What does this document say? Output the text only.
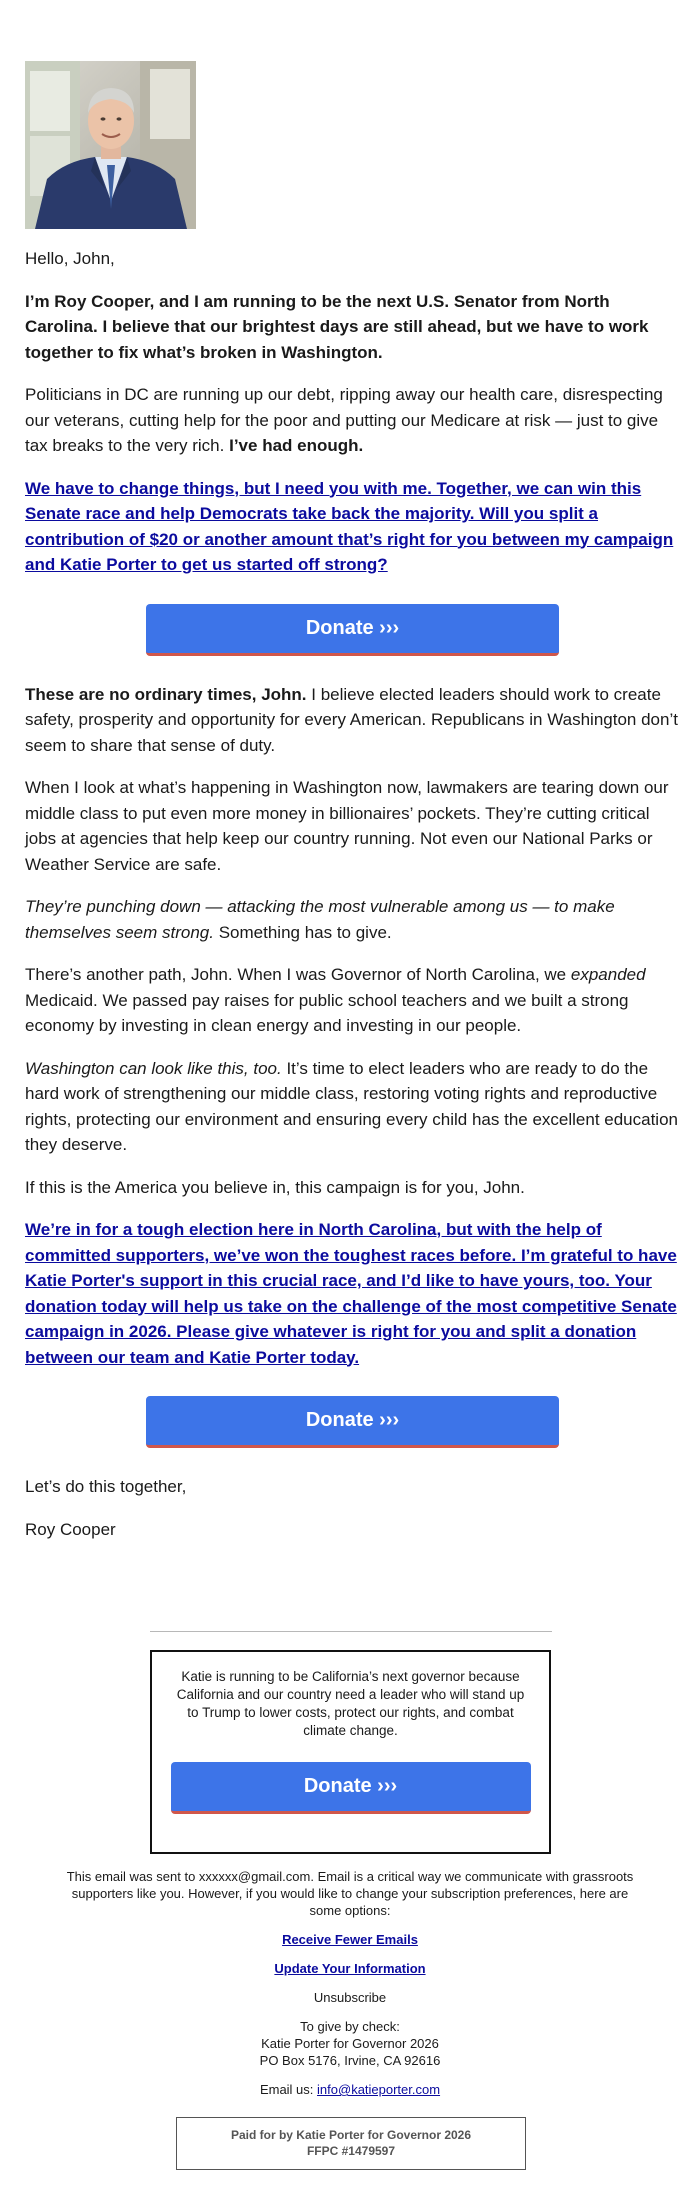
Hello, John,

I’m Roy Cooper, and I am running to be the next U.S. Senator from North Carolina. I believe that our brightest days are still ahead, but we have to work together to fix what’s broken in Washington.

Politicians in DC are running up our debt, ripping away our health care, disrespecting our veterans, cutting help for the poor and putting our Medicare at risk — just to give tax breaks to the very rich. I’ve had enough.

We have to change things, but I need you with me. Together, we can win this Senate race and help Democrats take back the majority. Will you split a contribution of $20 or another amount that’s right for you between my campaign and Katie Porter to get us started off strong?

Donate ›››

These are no ordinary times, John. I believe elected leaders should work to create safety, prosperity and opportunity for every American. Republicans in Washington don’t seem to share that sense of duty.

When I look at what’s happening in Washington now, lawmakers are tearing down our middle class to put even more money in billionaires’ pockets. They’re cutting critical jobs at agencies that help keep our country running. Not even our National Parks or Weather Service are safe.

They’re punching down — attacking the most vulnerable among us — to make themselves seem strong. Something has to give.

There’s another path, John. When I was Governor of North Carolina, we expanded Medicaid. We passed pay raises for public school teachers and we built a strong economy by investing in clean energy and investing in our people.

Washington can look like this, too. It’s time to elect leaders who are ready to do the hard work of strengthening our middle class, restoring voting rights and reproductive rights, protecting our environment and ensuring every child has the excellent education they deserve.

If this is the America you believe in, this campaign is for you, John.

We’re in for a tough election here in North Carolina, but with the help of committed supporters, we’ve won the toughest races before. I’m grateful to have Katie Porter's support in this crucial race, and I’d like to have yours, too. Your donation today will help us take on the challenge of the most competitive Senate campaign in 2026. Please give whatever is right for you and split a donation between our team and Katie Porter today.

Donate ›››

Let’s do this together,

Roy Cooper

Katie is running to be California’s next governor because California and our country need a leader who will stand up to Trump to lower costs, protect our rights, and combat climate change.

Donate ›››

This email was sent to xxxxxx@gmail.com. Email is a critical way we communicate with grassroots supporters like you. However, if you would like to change your subscription preferences, here are some options:

Receive Fewer Emails

Update Your Information

Unsubscribe

To give by check:

Katie Porter for Governor 2026

PO Box 5176, Irvine, CA 92616

Email us: info@katieporter.com

Paid for by Katie Porter for Governor 2026
FFPC #1479597
